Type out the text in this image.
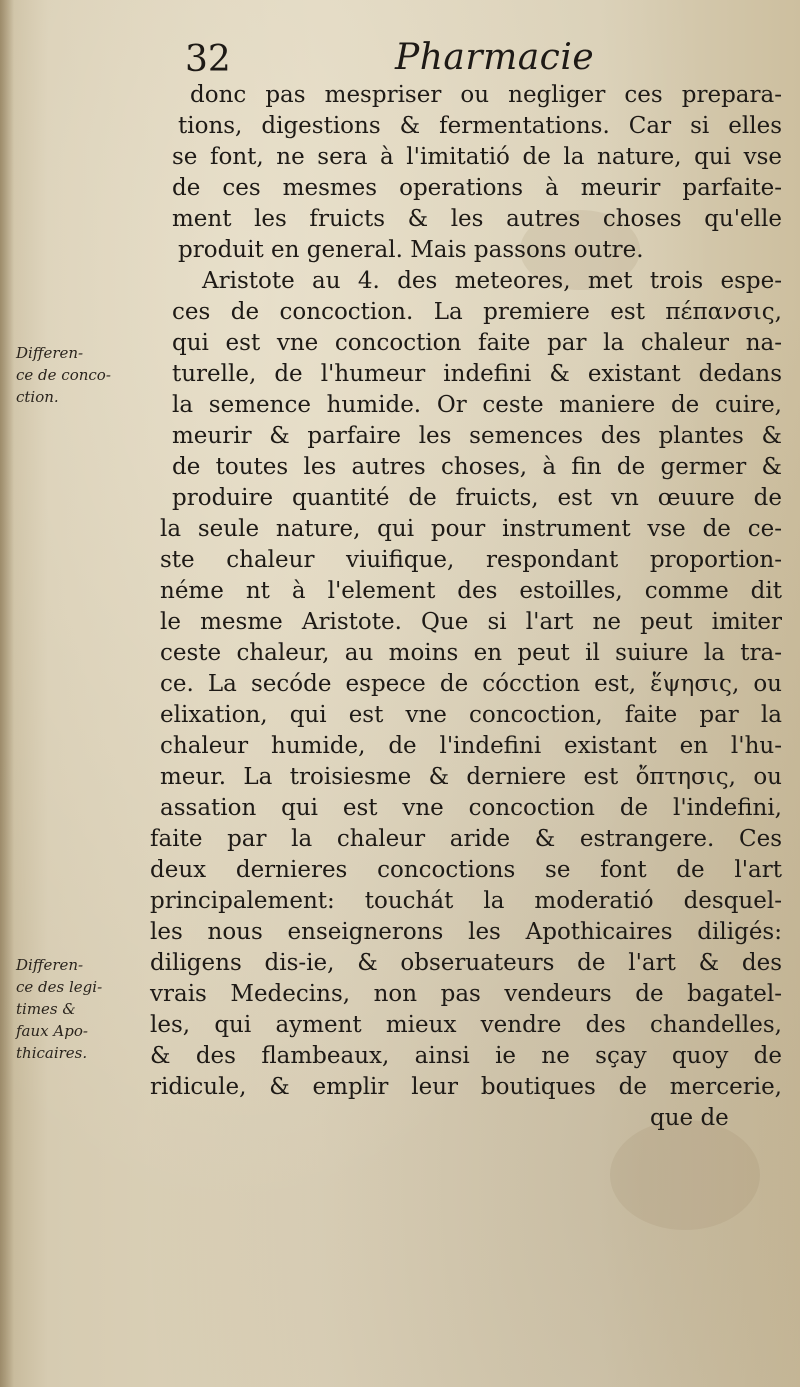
32	Pharmacie
Differen-
ce de conco-
ction.
Differen-
ce des legi-
times &
faux Apo-
thicaires.
donc pas mespriser ou negliger ces prepara-
tions, digestions & fermentations. Car si elles
se font, ne sera à l'imitatió de la nature, qui vse
de ces mesmes operations à meurir parfaite-
ment les fruicts & les autres choses qu'elle
produit en general. Mais passons outre.
Aristote au 4. des meteores, met trois espe-
ces de concoction. La premiere est πέπανσις,
qui est vne concoction faite par la chaleur na-
turelle, de l'humeur indefini & existant dedans
la semence humide. Or ceste maniere de cuire,
meurir & parfaire les semences des plantes &
de toutes les autres choses, à fin de germer &
produire quantité de fruicts, est vn œuure de
la seule nature, qui pour instrument vse de ce-
ste chaleur viuifique, respondant proportion-
néme nt à l'element des estoilles, comme dit
le mesme Aristote. Que si l'art ne peut imiter
ceste chaleur, au moins en peut il suiure la tra-
ce. La secóde espece de cócction est, ἕψησις, ou
elixation, qui est vne concoction, faite par la
chaleur humide, de l'indefini existant en l'hu-
meur. La troisiesme & derniere est ὄπτησις, ou
assation qui est vne concoction de l'indefini,
faite par la chaleur aride & estrangere. Ces
deux dernieres concoctions se font de l'art
principalement: touchát la moderatió desquel-
les nous enseignerons les Apothicaires diligés:
diligens dis-ie, & obseruateurs de l'art & des
vrais Medecins, non pas vendeurs de bagatel-
les, qui ayment mieux vendre des chandelles,
& des flambeaux, ainsi ie ne sçay quoy de
ridicule, & emplir leur boutiques de mercerie,
que de
